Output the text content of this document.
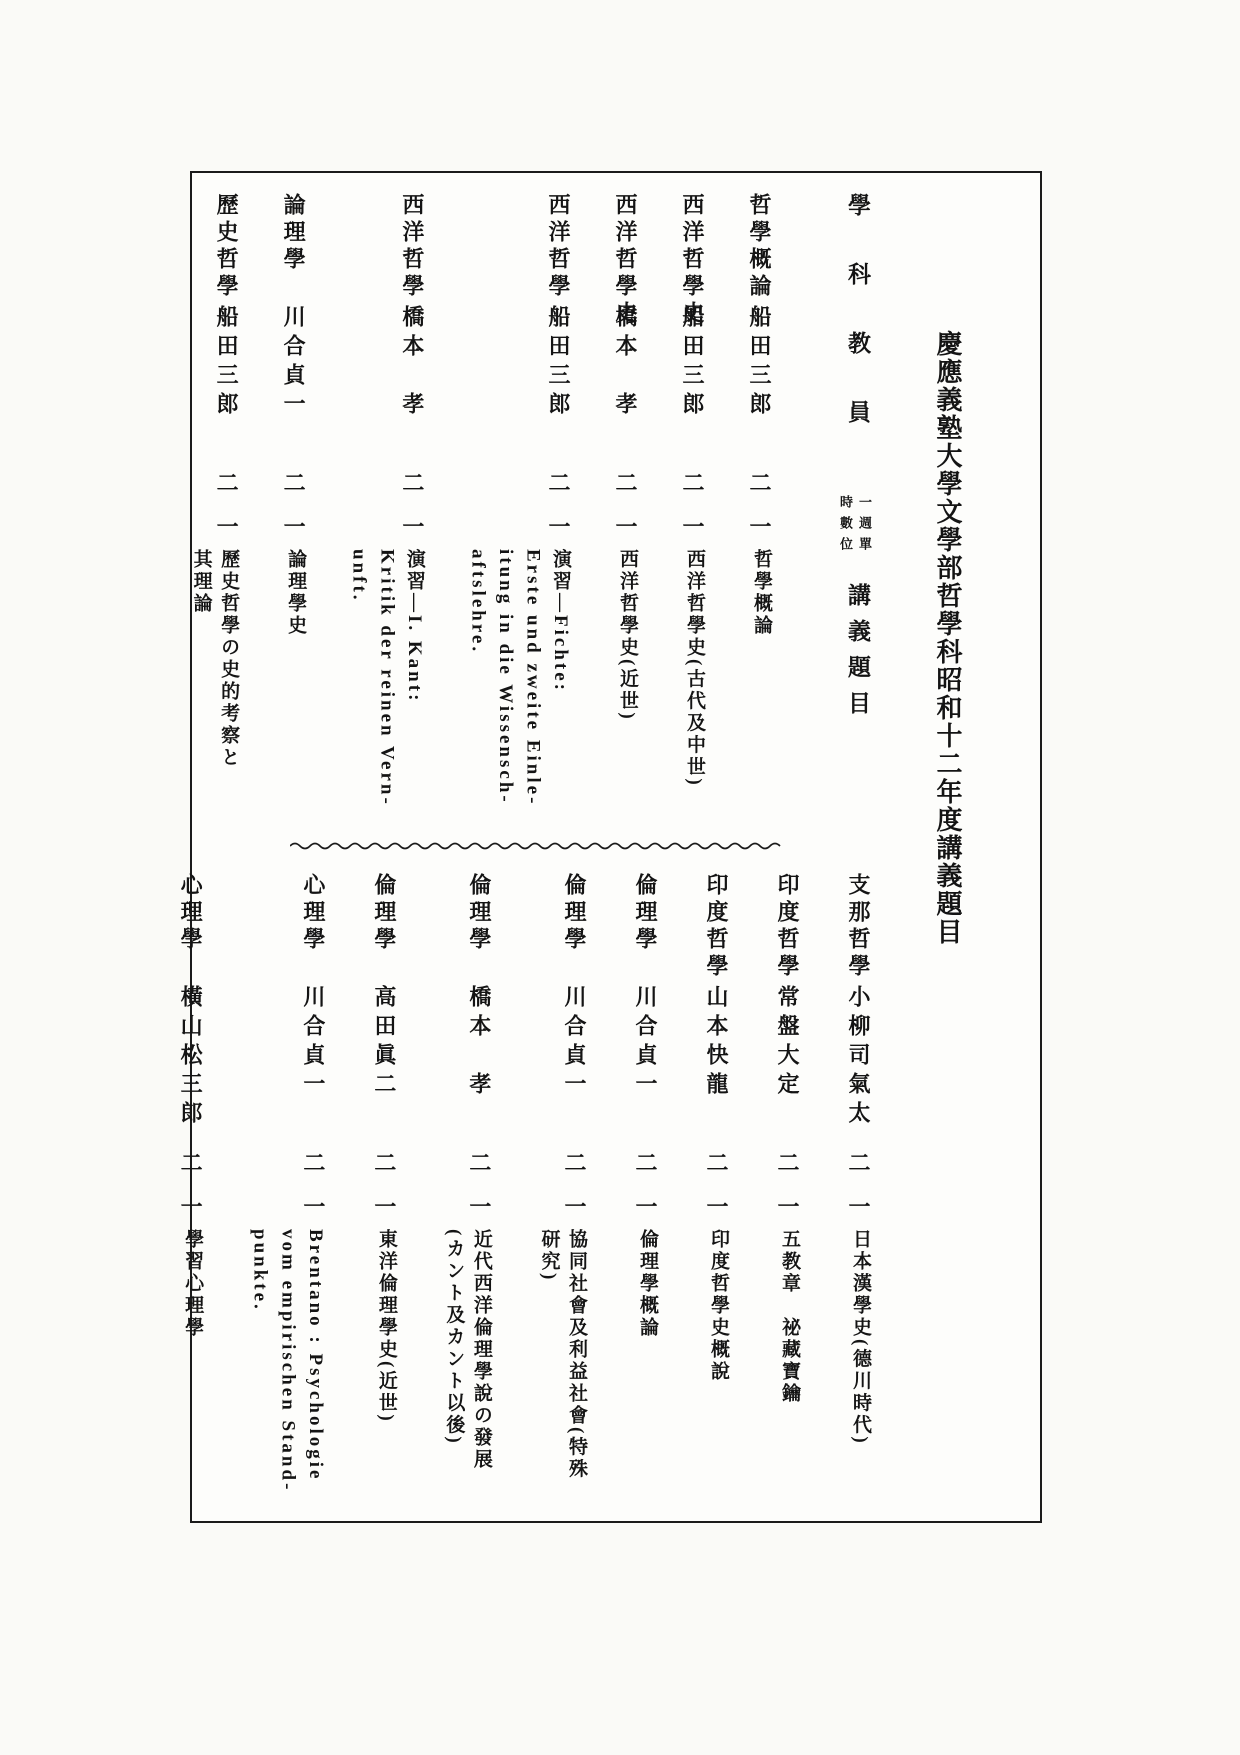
慶應義塾大學文學部哲學科昭和十二年度講義題目
學科教員
一週單
時數位
講義題目
哲學概論船田三郎二一哲學概論
西洋哲學史船田三郎二一西洋哲學史(古代及中世)
西洋哲學史橋本　孝二一西洋哲學史(近世)
西洋哲學船田三郎二一演習―Fichte:
Erste und zweite Einle-
itung in die Wissensch-
aftslehre.
西洋哲學橋本　孝二一演習―I. Kant:
Kritik der reinen Vern-
unft.
論理學川合貞一二一論理學史
歷史哲學船田三郎二一歷史哲學の史的考察と
其理論
支那哲學小柳司氣太二一日本漢學史(德川時代)
印度哲學常盤大定二一五教章　祕藏寶鑰
印度哲學山本快龍二一印度哲學史概說
倫理學川合貞一二一倫理學概論
倫理學川合貞一二一協同社會及利益社會(特殊
研究)
倫理學橋本　孝二一近代西洋倫理學說の發展
(カント及カント以後)
倫理學高田眞二二一東洋倫理學史(近世)
心理學川合貞一二一Brentano : Psychologie
vom empirischen Stand-
punkte.
心理學橫山松三郎二一學習心理學
